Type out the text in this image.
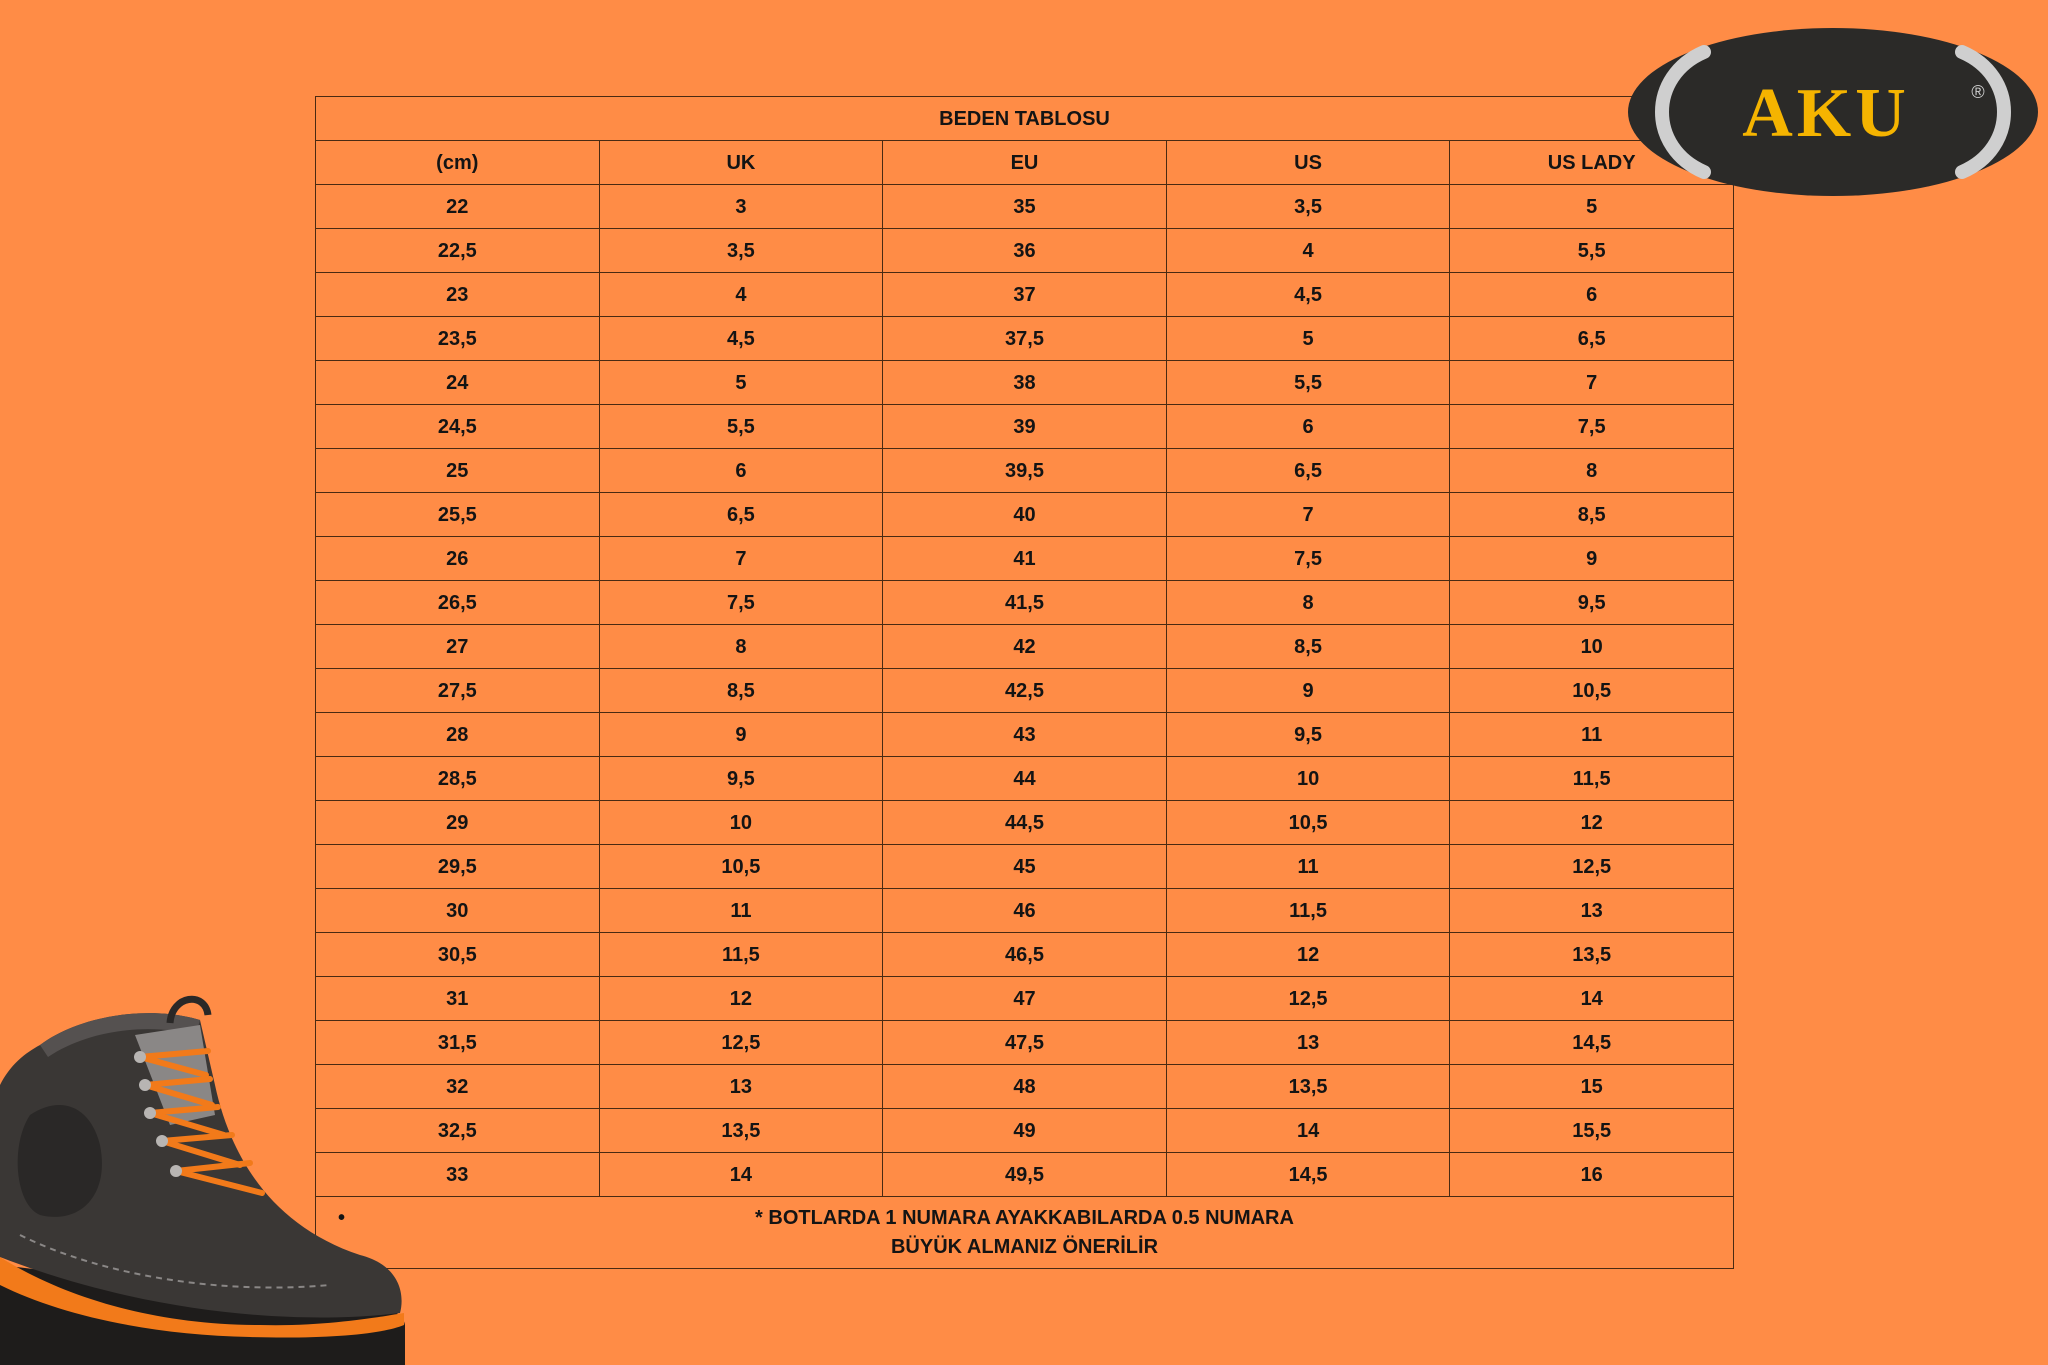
BEDEN TABLOSU				
(cm)	UK	EU	US	US LADY
22	3	35	3,5	5
22,5	3,5	36	4	5,5
23	4	37	4,5	6
23,5	4,5	37,5	5	6,5
24	5	38	5,5	7
24,5	5,5	39	6	7,5
25	6	39,5	6,5	8
25,5	6,5	40	7	8,5
26	7	41	7,5	9
26,5	7,5	41,5	8	9,5
27	8	42	8,5	10
27,5	8,5	42,5	9	10,5
28	9	43	9,5	11
28,5	9,5	44	10	11,5
29	10	44,5	10,5	12
29,5	10,5	45	11	12,5
30	11	46	11,5	13
30,5	11,5	46,5	12	13,5
31	12	47	12,5	14
31,5	12,5	47,5	13	14,5
32	13	48	13,5	15
32,5	13,5	49	14	15,5
33	14	49,5	14,5	16

• * BOTLARDA 1 NUMARA AYAKKABILARDA 0.5 NUMARA
BÜYÜK ALMANIZ ÖNERİLİR				
AKU	®
